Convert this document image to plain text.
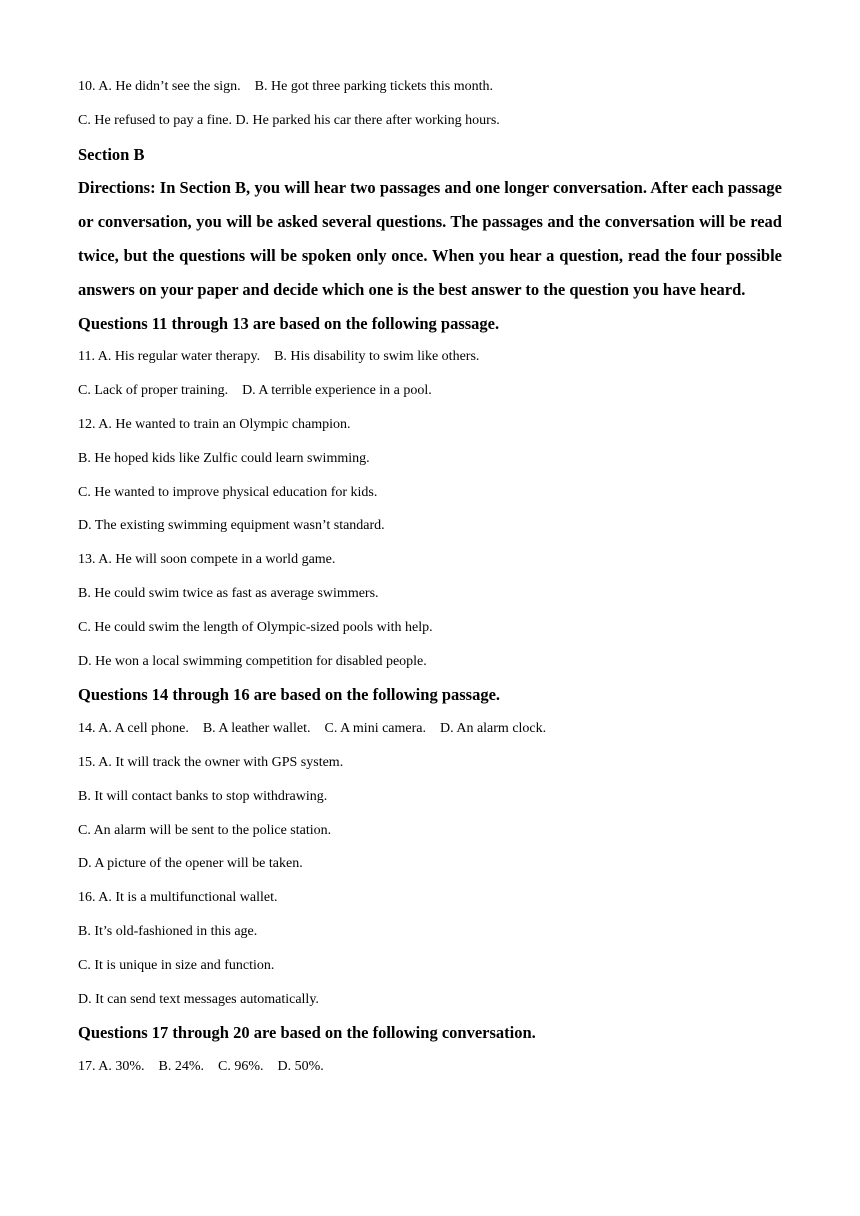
10. A. He didn’t see the sign.    B. He got three parking tickets this month.
C. He refused to pay a fine. D. He parked his car there after working hours.
Section B
Directions: In Section B, you will hear two passages and one longer conversation. After each passage or conversation, you will be asked several questions. The passages and the conversation will be read twice, but the questions will be spoken only once. When you hear a question, read the four possible answers on your paper and decide which one is the best answer to the question you have heard.
Questions 11 through 13 are based on the following passage.
11. A. His regular water therapy.    B. His disability to swim like others.
C. Lack of proper training.    D. A terrible experience in a pool.
12. A. He wanted to train an Olympic champion.
B. He hoped kids like Zulfic could learn swimming.
C. He wanted to improve physical education for kids.
D. The existing swimming equipment wasn’t standard.
13. A. He will soon compete in a world game.
B. He could swim twice as fast as average swimmers.
C. He could swim the length of Olympic-sized pools with help.
D. He won a local swimming competition for disabled people.
Questions 14 through 16 are based on the following passage.
14. A. A cell phone.    B. A leather wallet.    C. A mini camera.    D. An alarm clock.
15. A. It will track the owner with GPS system.
B. It will contact banks to stop withdrawing.
C. An alarm will be sent to the police station.
D. A picture of the opener will be taken.
16. A. It is a multifunctional wallet.
B. It’s old-fashioned in this age.
C. It is unique in size and function.
D. It can send text messages automatically.
Questions 17 through 20 are based on the following conversation.
17. A. 30%.    B. 24%.    C. 96%.    D. 50%.
